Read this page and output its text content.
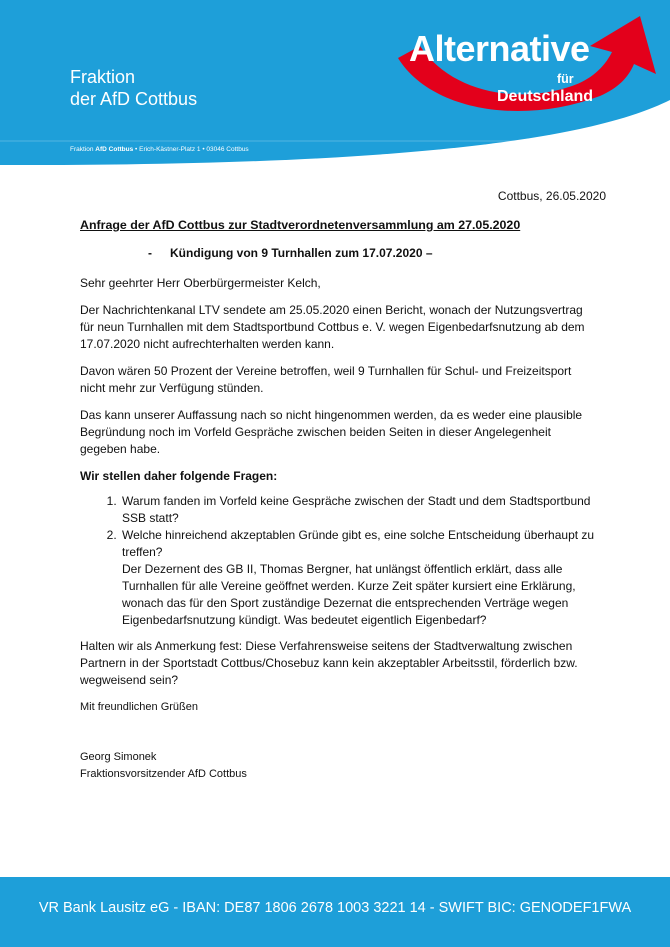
Fraktion
der AfD Cottbus
Fraktion AfD Cottbus • Erich-Kästner-Platz 1 • 03046 Cottbus
Alternative
für
Deutschland
Cottbus, 26.05.2020
Anfrage der AfD Cottbus zur Stadtverordnetenversammlung am 27.05.2020
- Kündigung von 9 Turnhallen zum 17.07.2020 –

Sehr geehrter Herr Oberbürgermeister Kelch,

Der Nachrichtenkanal LTV sendete am 25.05.2020 einen Bericht, wonach der Nutzungsvertrag für neun Turnhallen mit dem Stadtsportbund Cottbus e. V. wegen Eigenbedarfsnutzung ab dem 17.07.2020 nicht aufrechterhalten werden kann.

Davon wären 50 Prozent der Vereine betroffen, weil 9 Turnhallen für Schul- und Freizeitsport nicht mehr zur Verfügung stünden.

Das kann unserer Auffassung nach so nicht hingenommen werden, da es weder eine plausible Begründung noch im Vorfeld Gespräche zwischen beiden Seiten in dieser Angelegenheit gegeben habe.

Wir stellen daher folgende Fragen:

1. Warum fanden im Vorfeld keine Gespräche zwischen der Stadt und dem Stadtsportbund SSB statt?
2. Welche hinreichend akzeptablen Gründe gibt es, eine solche Entscheidung überhaupt zu treffen?
Der Dezernent des GB II, Thomas Bergner, hat unlängst öffentlich erklärt, dass alle Turnhallen für alle Vereine geöffnet werden. Kurze Zeit später kursiert eine Erklärung, wonach das für den Sport zuständige Dezernat die entsprechenden Verträge wegen Eigenbedarfsnutzung kündigt. Was bedeutet eigentlich Eigenbedarf?

Halten wir als Anmerkung fest: Diese Verfahrensweise seitens der Stadtverwaltung zwischen Partnern in der Sportstadt Cottbus/Chosebuz kann kein akzeptabler Arbeitsstil, förderlich bzw. wegweisend sein?

Mit freundlichen Grüßen

Georg Simonek

Fraktionsvorsitzender AfD Cottbus

VR Bank Lausitz eG - IBAN: DE87 1806 2678 1003 3221 14 - SWIFT BIC: GENODEF1FWA
